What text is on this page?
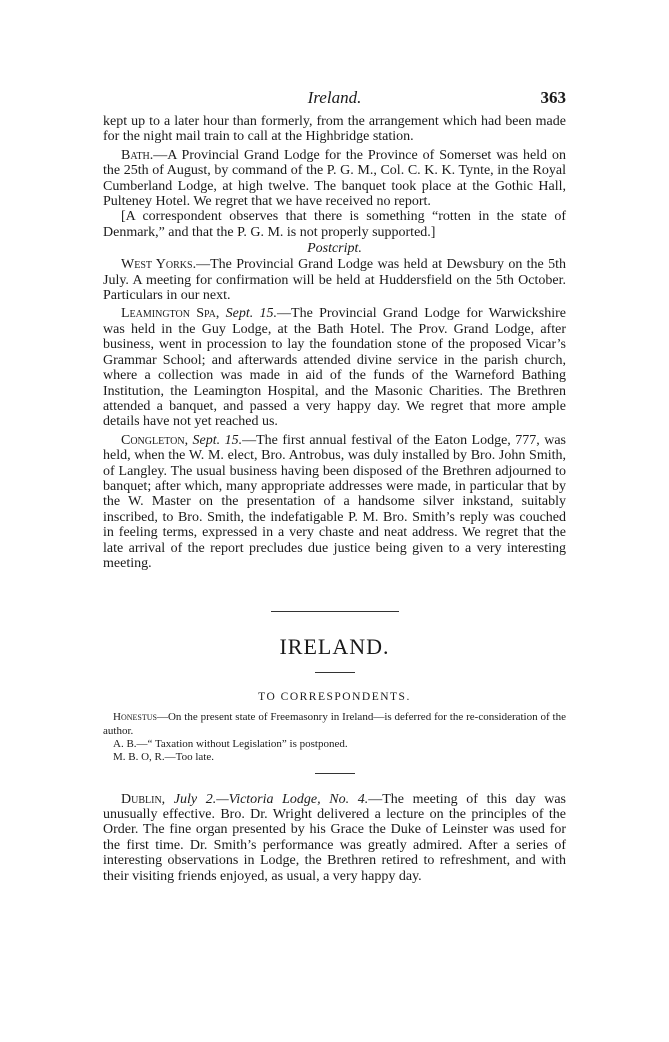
Ireland.	363

kept up to a later hour than formerly, from the arrangement which had been made for the night mail train to call at the Highbridge station.

Bath.—A Provincial Grand Lodge for the Province of Somerset was held on the 25th of August, by command of the P. G. M., Col. C. K. K. Tynte, in the Royal Cumberland Lodge, at high twelve. The banquet took place at the Gothic Hall, Pulteney Hotel. We regret that we have received no report.

[A correspondent observes that there is something “rotten in the state of Denmark,” and that the P. G. M. is not properly supported.]

Postcript.

West Yorks.—The Provincial Grand Lodge was held at Dewsbury on the 5th July. A meeting for confirmation will be held at Huddersfield on the 5th October. Particulars in our next.

Leamington Spa, Sept. 15.—The Provincial Grand Lodge for Warwickshire was held in the Guy Lodge, at the Bath Hotel. The Prov. Grand Lodge, after business, went in procession to lay the foundation stone of the proposed Vicar’s Grammar School; and afterwards attended divine service in the parish church, where a collection was made in aid of the funds of the Warneford Bathing Institution, the Leamington Hospital, and the Masonic Charities. The Brethren attended a banquet, and passed a very happy day. We regret that more ample details have not yet reached us.

Congleton, Sept. 15.—The first annual festival of the Eaton Lodge, 777, was held, when the W. M. elect, Bro. Antrobus, was duly installed by Bro. John Smith, of Langley. The usual business having been disposed of the Brethren adjourned to banquet; after which, many appropriate addresses were made, in particular that by the W. Master on the presentation of a handsome silver inkstand, suitably inscribed, to Bro. Smith, the indefatigable P. M. Bro. Smith’s reply was couched in feeling terms, expressed in a very chaste and neat address. We regret that the late arrival of the report precludes due justice being given to a very interesting meeting.

IRELAND.
TO CORRESPONDENTS.
Honestus—On the present state of Freemasonry in Ireland—is deferred for the re-consideration of the author.
A. B.—“ Taxation without Legislation” is postponed.
M. B. O, R.—Too late.

Dublin, July 2.—Victoria Lodge, No. 4.—The meeting of this day was unusually effective. Bro. Dr. Wright delivered a lecture on the principles of the Order. The fine organ presented by his Grace the Duke of Leinster was used for the first time. Dr. Smith’s performance was greatly admired. After a series of interesting observations in Lodge, the Brethren retired to refreshment, and with their visiting friends enjoyed, as usual, a very happy day.
